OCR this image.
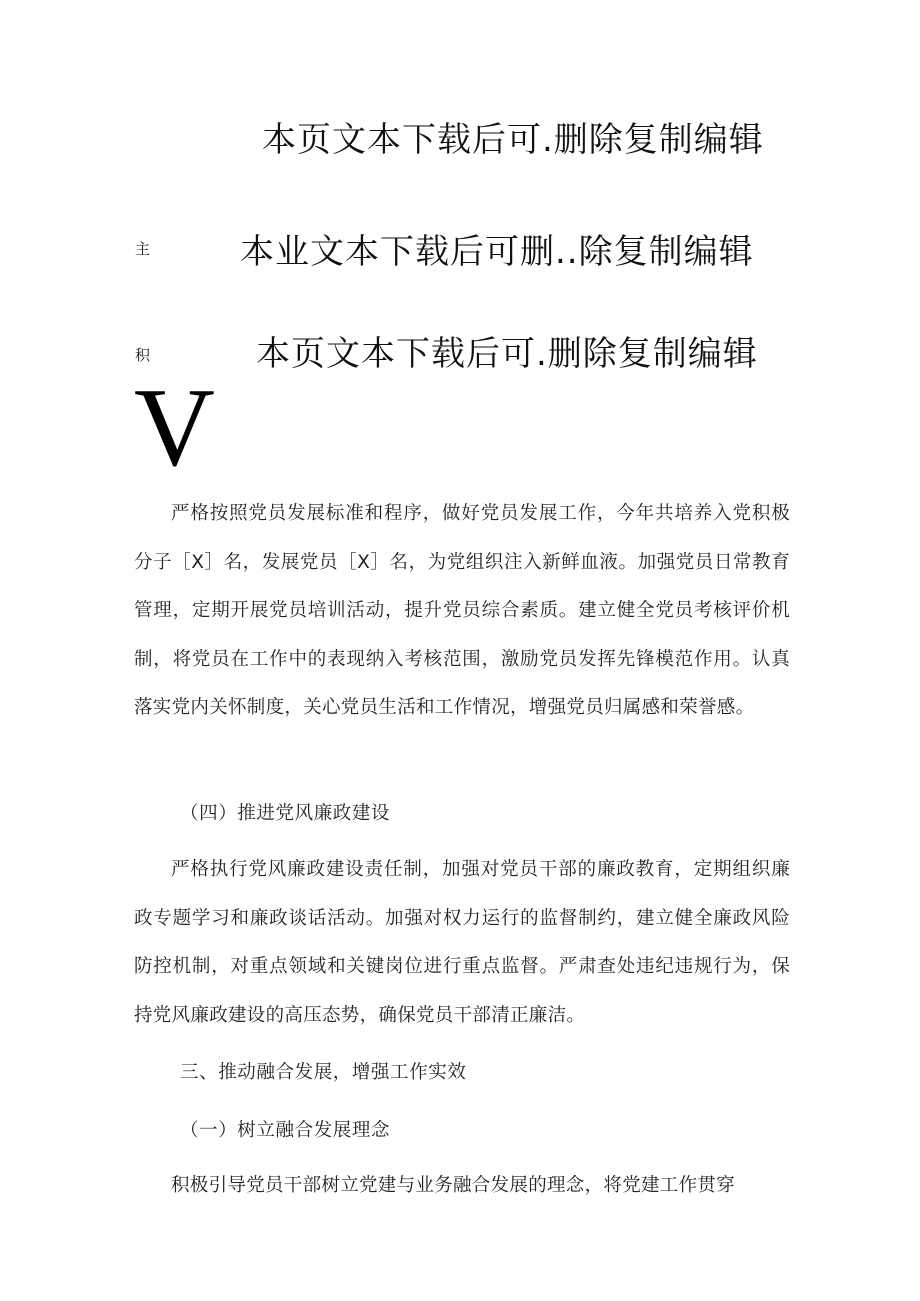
本页文本下载后可.删除复制编辑
主	本业文本下载后可删..除复制编辑
积	本页文本下载后可.删除复制编辑
V

严格按照党员发展标准和程序，做好党员发展工作，今年共培养入党积极分子［X］名，发展党员［X］名，为党组织注入新鲜血液。加强党员日常教育管理，定期开展党员培训活动，提升党员综合素质。建立健全党员考核评价机制，将党员在工作中的表现纳入考核范围，激励党员发挥先锋模范作用。认真落实党内关怀制度，关心党员生活和工作情况，增强党员归属感和荣誉感。

（四）推进党风廉政建设

严格执行党风廉政建设责任制，加强对党员干部的廉政教育，定期组织廉政专题学习和廉政谈话活动。加强对权力运行的监督制约，建立健全廉政风险防控机制，对重点领域和关键岗位进行重点监督。严肃查处违纪违规行为，保持党风廉政建设的高压态势，确保党员干部清正廉洁。

三、推动融合发展，增强工作实效
（一）树立融合发展理念

积极引导党员干部树立党建与业务融合发展的理念，将党建工作贯穿
